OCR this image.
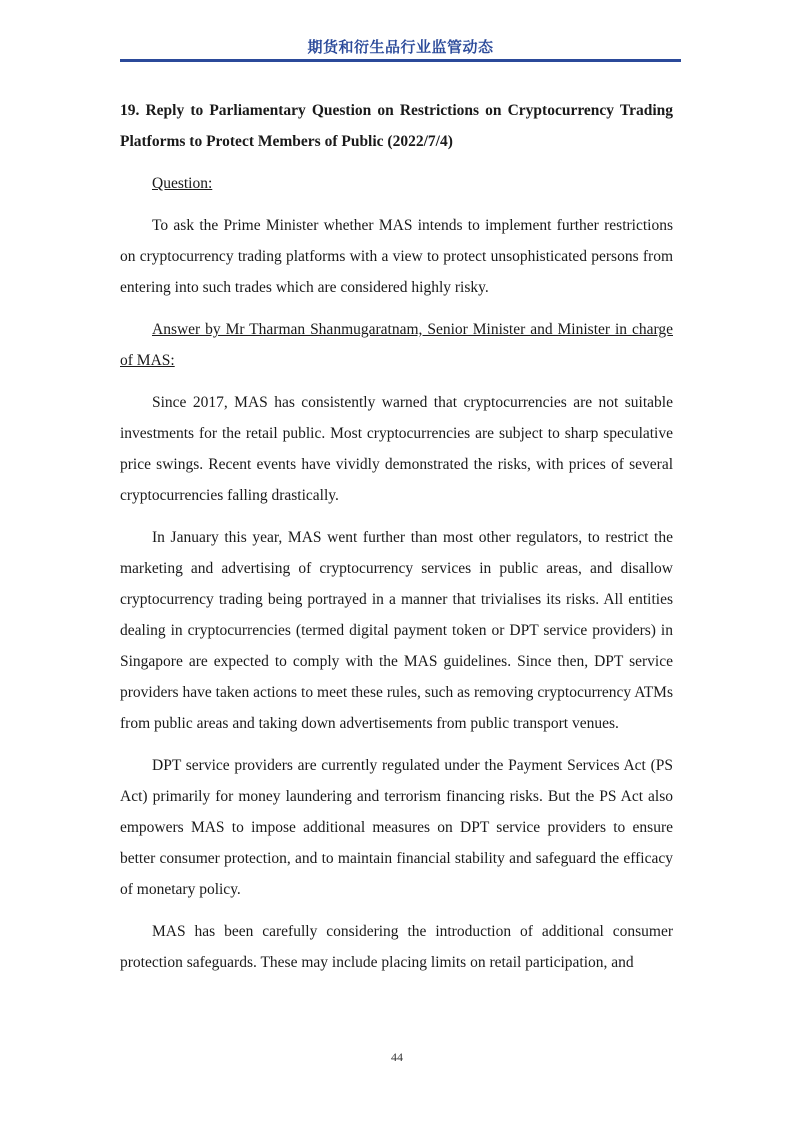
期货和衍生品行业监管动态

19. Reply to Parliamentary Question on Restrictions on Cryptocurrency Trading Platforms to Protect Members of Public (2022/7/4)

Question:

To ask the Prime Minister whether MAS intends to implement further restrictions on cryptocurrency trading platforms with a view to protect unsophisticated persons from entering into such trades which are considered highly risky.

Answer by Mr Tharman Shanmugaratnam, Senior Minister and Minister in charge of MAS:

Since 2017, MAS has consistently warned that cryptocurrencies are not suitable investments for the retail public. Most cryptocurrencies are subject to sharp speculative price swings. Recent events have vividly demonstrated the risks, with prices of several cryptocurrencies falling drastically.

In January this year, MAS went further than most other regulators, to restrict the marketing and advertising of cryptocurrency services in public areas, and disallow cryptocurrency trading being portrayed in a manner that trivialises its risks. All entities dealing in cryptocurrencies (termed digital payment token or DPT service providers) in Singapore are expected to comply with the MAS guidelines. Since then, DPT service providers have taken actions to meet these rules, such as removing cryptocurrency ATMs from public areas and taking down advertisements from public transport venues.

DPT service providers are currently regulated under the Payment Services Act (PS Act) primarily for money laundering and terrorism financing risks. But the PS Act also empowers MAS to impose additional measures on DPT service providers to ensure better consumer protection, and to maintain financial stability and safeguard the efficacy of monetary policy.

MAS has been carefully considering the introduction of additional consumer protection safeguards. These may include placing limits on retail participation, and

44
